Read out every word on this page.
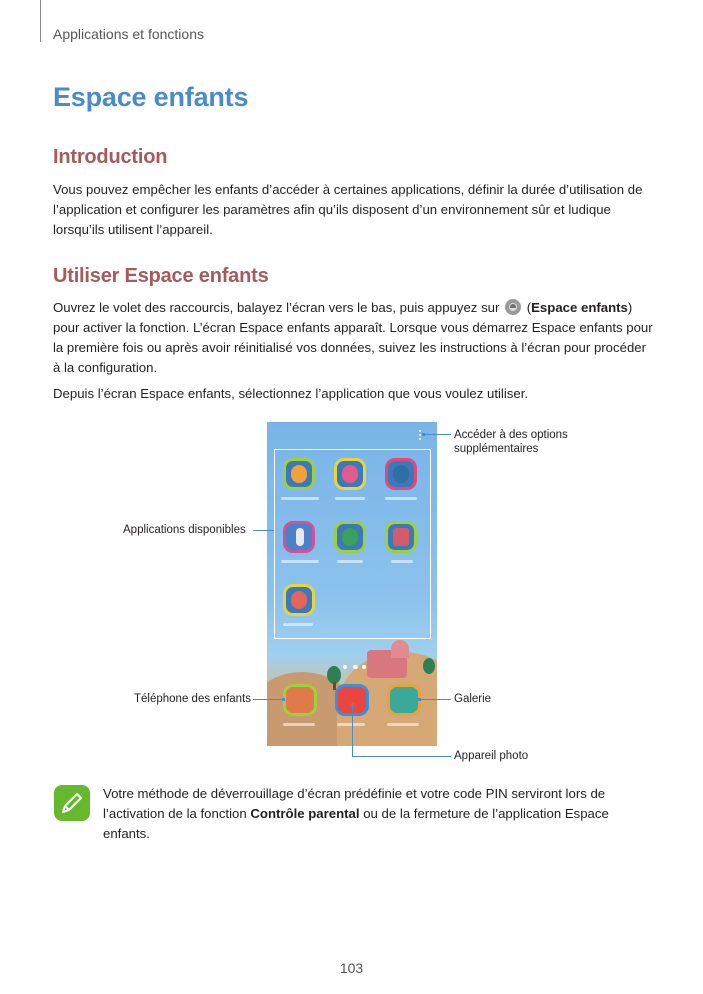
Applications et fonctions
Espace enfants
Introduction

Vous pouvez empêcher les enfants d’accéder à certaines applications, définir la durée d’utilisation de l’application et configurer les paramètres afin qu’ils disposent d’un environnement sûr et ludique lorsqu’ils utilisent l’appareil.

Utiliser Espace enfants

Ouvrez le volet des raccourcis, balayez l’écran vers le bas, puis appuyez sur (Espace enfants) pour activer la fonction. L’écran Espace enfants apparaît. Lorsque vous démarrez Espace enfants pour la première fois ou après avoir réinitialisé vos données, suivez les instructions à l’écran pour procéder à la configuration.

Depuis l’écran Espace enfants, sélectionnez l’application que vous voulez utiliser.

Accéder à des options supplémentaires
Applications disponibles
Téléphone des enfants	Galerie
Appareil photo

Votre méthode de déverrouillage d’écran prédéfinie et votre code PIN serviront lors de l’activation de la fonction Contrôle parental ou de la fermeture de l’application Espace enfants.

103
